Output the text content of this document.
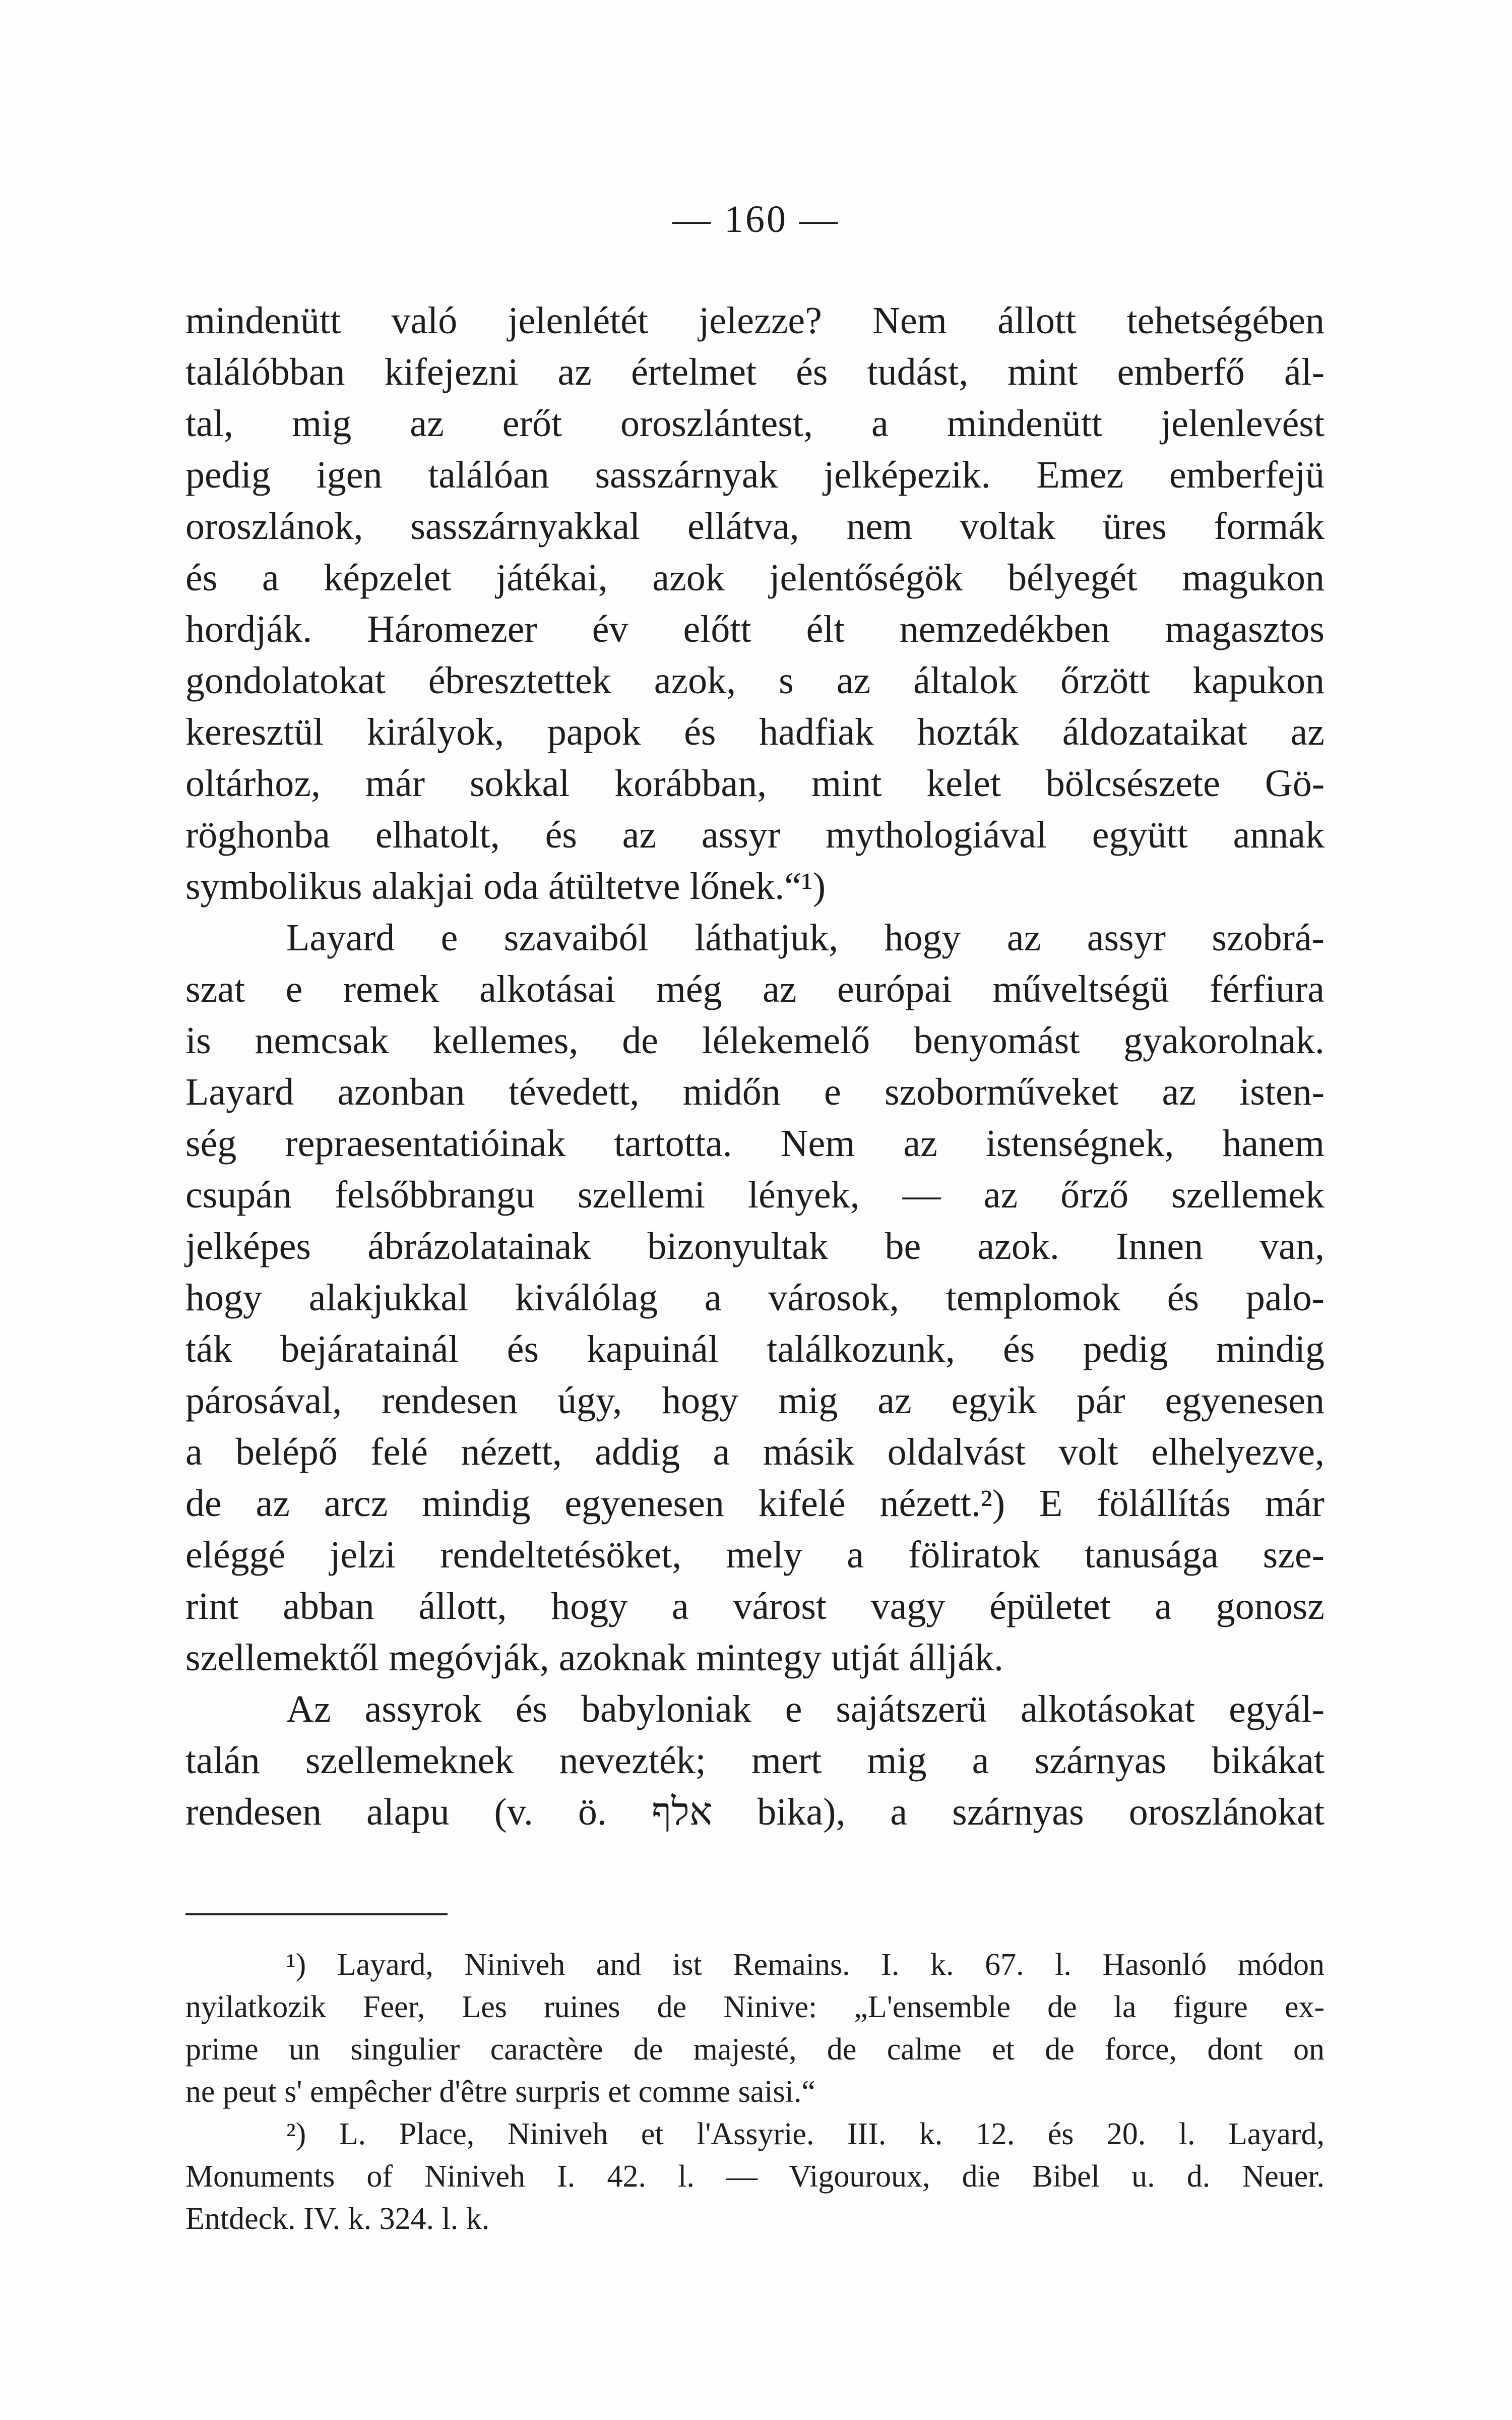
— 160 —
mindenütt való jelenlétét jelezze? Nem állott tehetségében
találóbban kifejezni az értelmet és tudást, mint emberfő ál-
tal, mig az erőt oroszlántest, a mindenütt jelenlevést
pedig igen találóan sasszárnyak jelképezik. Emez emberfejü
oroszlánok, sasszárnyakkal ellátva, nem voltak üres formák
és a képzelet játékai, azok jelentőségök bélyegét magukon
hordják. Háromezer év előtt élt nemzedékben magasztos
gondolatokat ébresztettek azok, s az általok őrzött kapukon
keresztül királyok, papok és hadfiak hozták áldozataikat az
oltárhoz, már sokkal korábban, mint kelet bölcsészete Gö-
röghonba elhatolt, és az assyr mythologiával együtt annak
symbolikus alakjai oda átültetve lőnek.“¹)
Layard e szavaiból láthatjuk, hogy az assyr szobrá-
szat e remek alkotásai még az európai műveltségü férfiura
is nemcsak kellemes, de lélekemelő benyomást gyakorolnak.
Layard azonban tévedett, midőn e szoborműveket az isten-
ség repraesentatióinak tartotta. Nem az istenségnek, hanem
csupán felsőbbrangu szellemi lények, — az őrző szellemek
jelképes ábrázolatainak bizonyultak be azok. Innen van,
hogy alakjukkal kiválólag a városok, templomok és palo-
ták bejáratainál és kapuinál találkozunk, és pedig mindig
párosával, rendesen úgy, hogy mig az egyik pár egyenesen
a belépő felé nézett, addig a másik oldalvást volt elhelyezve,
de az arcz mindig egyenesen kifelé nézett.²) E fölállítás már
eléggé jelzi rendeltetésöket, mely a föliratok tanusága sze-
rint abban állott, hogy a várost vagy épületet a gonosz
szellemektől megóvják, azoknak mintegy utját állják.
Az assyrok és babyloniak e sajátszerü alkotásokat egyál-
talán szellemeknek nevezték; mert mig a szárnyas bikákat
rendesen alapu (v. ö. אלף bika), a szárnyas oroszlánokat
¹) Layard, Niniveh and ist Remains. I. k. 67. l. Hasonló módon
nyilatkozik Feer, Les ruines de Ninive: „L'ensemble de la figure ex-
prime un singulier caractère de majesté, de calme et de force, dont on
ne peut s' empêcher d'être surpris et comme saisi.“
²) L. Place, Niniveh et l'Assyrie. III. k. 12. és 20. l. Layard,
Monuments of Niniveh I. 42. l. — Vigouroux, die Bibel u. d. Neuer.
Entdeck. IV. k. 324. l. k.
